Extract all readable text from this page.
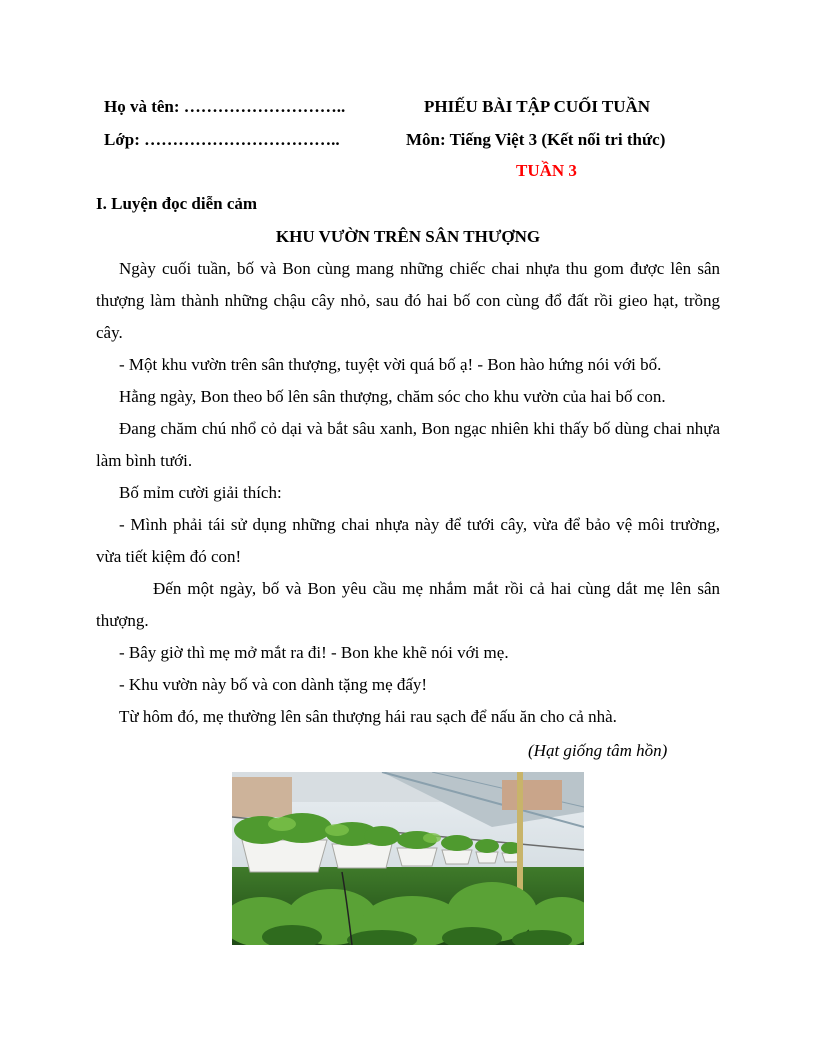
Họ và tên: ………………………..
Lớp: ……………………………..
PHIẾU BÀI TẬP CUỐI TUẦN
Môn: Tiếng Việt 3 (Kết nối tri thức)
TUẦN 3
I. Luyện đọc diễn cảm
KHU VƯỜN TRÊN SÂN THƯỢNG
Ngày cuối tuần, bố và Bon cùng mang những chiếc chai nhựa thu gom được lên sân thượng làm thành những chậu cây nhỏ, sau đó hai bố con cùng đổ đất rồi gieo hạt, trồng cây.
- Một khu vườn trên sân thượng, tuyệt vời quá bố ạ! - Bon hào hứng nói với bố.
Hằng ngày, Bon theo bố lên sân thượng, chăm sóc cho khu vườn của hai bố con.
Đang chăm chú nhổ cỏ dại và bắt sâu xanh, Bon ngạc nhiên khi thấy bố dùng chai nhựa làm bình tưới.
Bố mỉm cười giải thích:
- Mình phải tái sử dụng những chai nhựa này để tưới cây, vừa để bảo vệ môi trường, vừa tiết kiệm đó con!
Đến một ngày, bố và Bon yêu cầu mẹ nhắm mắt rồi cả hai cùng dắt mẹ lên sân thượng.
- Bây giờ thì mẹ mở mắt ra đi! - Bon khe khẽ nói với mẹ.
- Khu vườn này bố và con dành tặng mẹ đấy!
Từ hôm đó, mẹ thường lên sân thượng hái rau sạch để nấu ăn cho cả nhà.
(Hạt giống tâm hồn)
